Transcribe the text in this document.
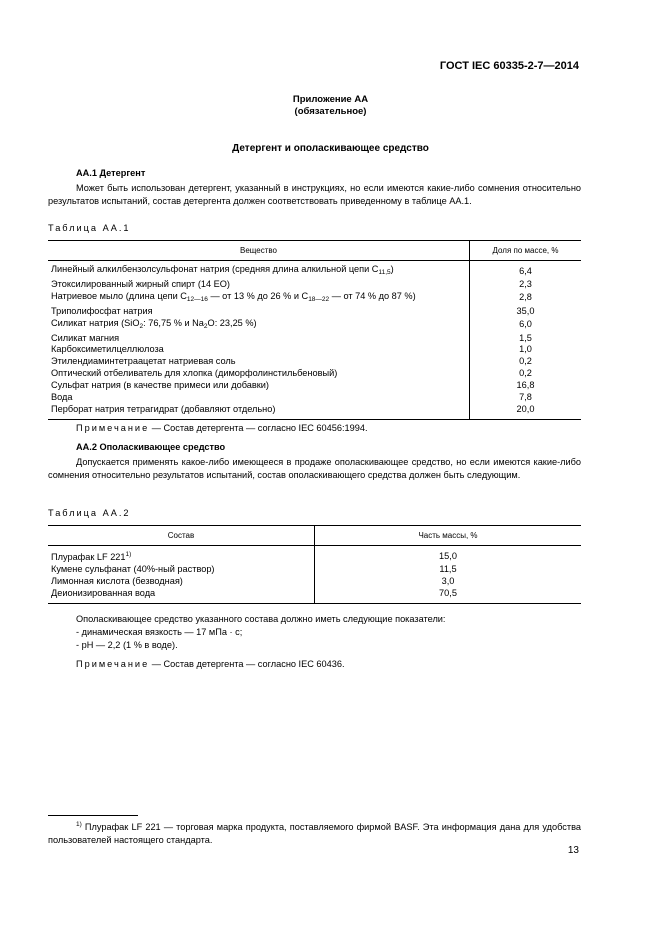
ГОСТ IEC 60335-2-7—2014
Приложение АА
(обязательное)
Детергент и ополаскивающее средство
АА.1 Детергент
Может быть использован детергент, указанный в инструкциях, но если имеются какие-либо сомнения относительно результатов испытаний, состав детергента должен соответствовать приведенному в таблице АА.1.
Таблица АА.1
Вещество	Доля по массе, %
Линейный алкилбензолсульфонат натрия (средняя длина алкильной цепи $C_{11,5}$)	6,4
Этоксилированный жирный спирт (14 ЕО)	2,3
Натриевое мыло (длина цепи $C_{12—16}$ — от 13 % до 26 % и $C_{18—22}$ — от 74 % до 87 %)	2,8
Триполифосфат натрия	35,0
Силикат натрия (SiO$_2$: 76,75 % и $Na_2O$: 23,25 %)	6,0
Силикат магния	1,5
Карбоксиметилцеллюлоза	1,0
Этилендиаминтетраацетат натриевая соль	0,2
Оптический отбеливатель для хлопка (диморфолинстильбеновый)	0,2
Сульфат натрия (в качестве примеси или добавки)	16,8
Вода	7,8
Перборат натрия тетрагидрат (добавляют отдельно)	20,0
Примечание — Состав детергента — согласно IEC 60456:1994.
АА.2 Ополаскивающее средство
Допускается применять какое-либо имеющееся в продаже ополаскивающее средство, но если имеются какие-либо сомнения относительно результатов испытаний, состав ополаскивающего средства должен быть следующим.
Таблица АА.2
Состав	Часть массы, %
Плурафак LF 221$^{1)}$	15,0
Кумене сульфанат (40%-ный раствор)	11,5
Лимонная кислота (безводная)	3,0
Деионизированная вода	70,5
Ополаскивающее средство указанного состава должно иметь следующие показатели:
- динамическая вязкость — 17 мПа · с;
- pH — 2,2 (1 % в воде).
Примечание — Состав детергента — согласно IEC 60436.
$^{1)}$ Плурафак LF 221 — торговая марка продукта, поставляемого фирмой BASF. Эта информация дана для удобства пользователей настоящего стандарта.
13
